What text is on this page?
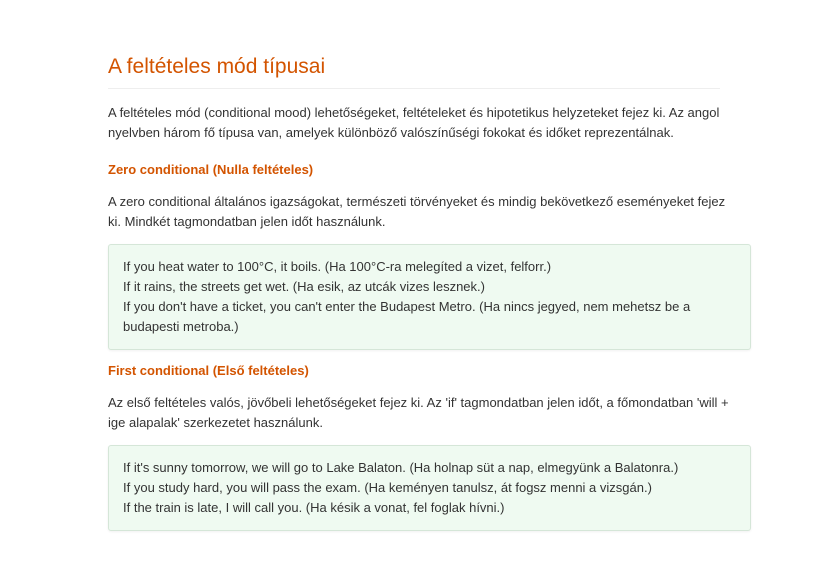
A feltételes mód típusai

A feltételes mód (conditional mood) lehetőségeket, feltételeket és hipotetikus helyzeteket fejez ki. Az angol nyelvben három fő típusa van, amelyek különböző valószínűségi fokokat és időket reprezentálnak.

Zero conditional (Nulla feltételes)

A zero conditional általános igazságokat, természeti törvényeket és mindig bekövetkező eseményeket fejez ki. Mindkét tagmondatban jelen időt használunk.

If you heat water to 100°C, it boils. (Ha 100°C-ra melegíted a vizet, felforr.)
If it rains, the streets get wet. (Ha esik, az utcák vizes lesznek.)
If you don't have a ticket, you can't enter the Budapest Metro. (Ha nincs jegyed, nem mehetsz be a budapesti metroba.)
First conditional (Első feltételes)

Az első feltételes valós, jövőbeli lehetőségeket fejez ki. Az 'if' tagmondatban jelen időt, a főmondatban 'will + ige alapalak' szerkezetet használunk.

If it's sunny tomorrow, we will go to Lake Balaton. (Ha holnap süt a nap, elmegyünk a Balatonra.)
If you study hard, you will pass the exam. (Ha keményen tanulsz, át fogsz menni a vizsgán.)
If the train is late, I will call you. (Ha késik a vonat, fel foglak hívni.)
